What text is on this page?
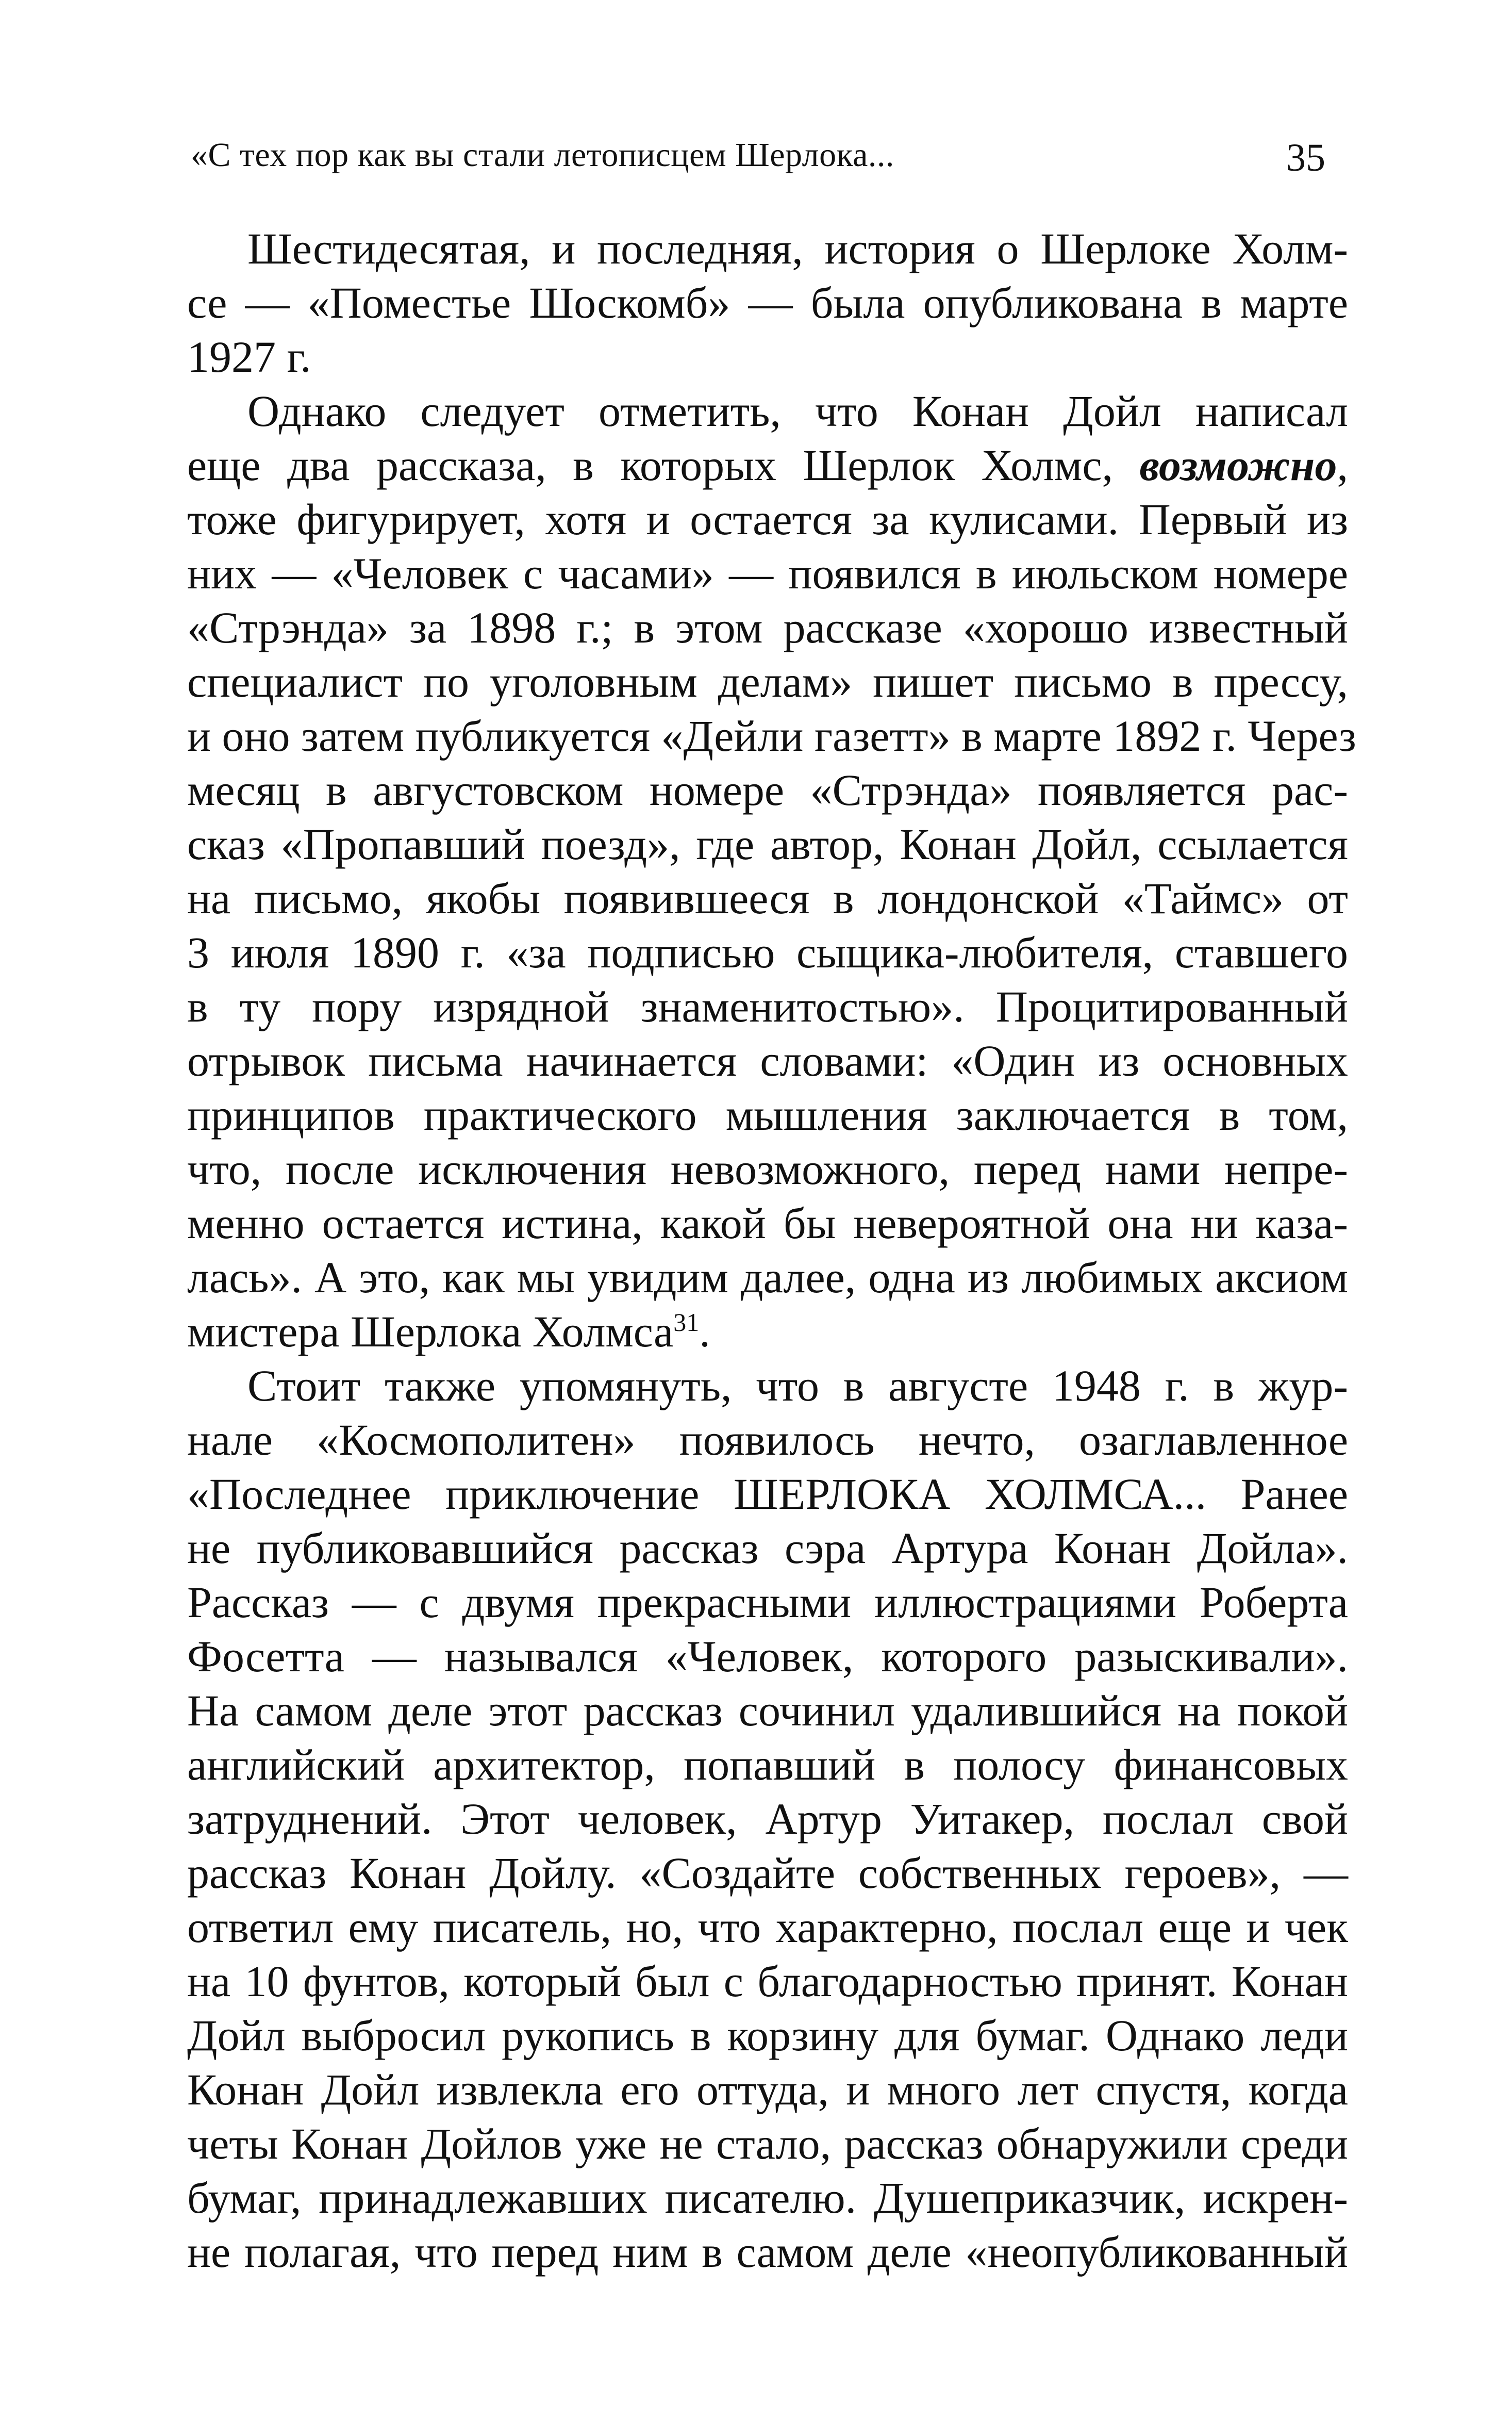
«С тех пор как вы стали летописцем Шерлока...	35
Шестидесятая, и последняя, история о Шерлоке Холм-
се — «Поместье Шоскомб» — была опубликована в марте
1927 г.
Однако следует отметить, что Конан Дойл написал
еще два рассказа, в которых Шерлок Холмс, возможно,
тоже фигурирует, хотя и остается за кулисами. Первый из
них — «Человек с часами» — появился в июльском номере
«Стрэнда» за 1898 г.; в этом рассказе «хорошо известный
специалист по уголовным делам» пишет письмо в прессу,
и оно затем публикуется «Дейли газетт» в марте 1892 г. Через
месяц в августовском номере «Стрэнда» появляется рас-
сказ «Пропавший поезд», где автор, Конан Дойл, ссылается
на письмо, якобы появившееся в лондонской «Таймс» от
3 июля 1890 г. «за подписью сыщика-любителя, ставшего
в ту пору изрядной знаменитостью». Процитированный
отрывок письма начинается словами: «Один из основных
принципов практического мышления заключается в том,
что, после исключения невозможного, перед нами непре-
менно остается истина, какой бы невероятной она ни каза-
лась». А это, как мы увидим далее, одна из любимых аксиом
мистера Шерлока Холмса$^{31}$.
Стоит также упомянуть, что в августе 1948 г. в жур-
нале «Космополитен» появилось нечто, озаглавленное
«Последнее приключение ШЕРЛОКА ХОЛМСА... Ранее
не публиковавшийся рассказ сэра Артура Конан Дойла».
Рассказ — с двумя прекрасными иллюстрациями Роберта
Фосетта — назывался «Человек, которого разыскивали».
На самом деле этот рассказ сочинил удалившийся на покой
английский архитектор, попавший в полосу финансовых
затруднений. Этот человек, Артур Уитакер, послал свой
рассказ Конан Дойлу. «Создайте собственных героев», —
ответил ему писатель, но, что характерно, послал еще и чек
на 10 фунтов, который был с благодарностью принят. Конан
Дойл выбросил рукопись в корзину для бумаг. Однако леди
Конан Дойл извлекла его оттуда, и много лет спустя, когда
четы Конан Дойлов уже не стало, рассказ обнаружили среди
бумаг, принадлежавших писателю. Душеприказчик, искрен-
не полагая, что перед ним в самом деле «неопубликованный
